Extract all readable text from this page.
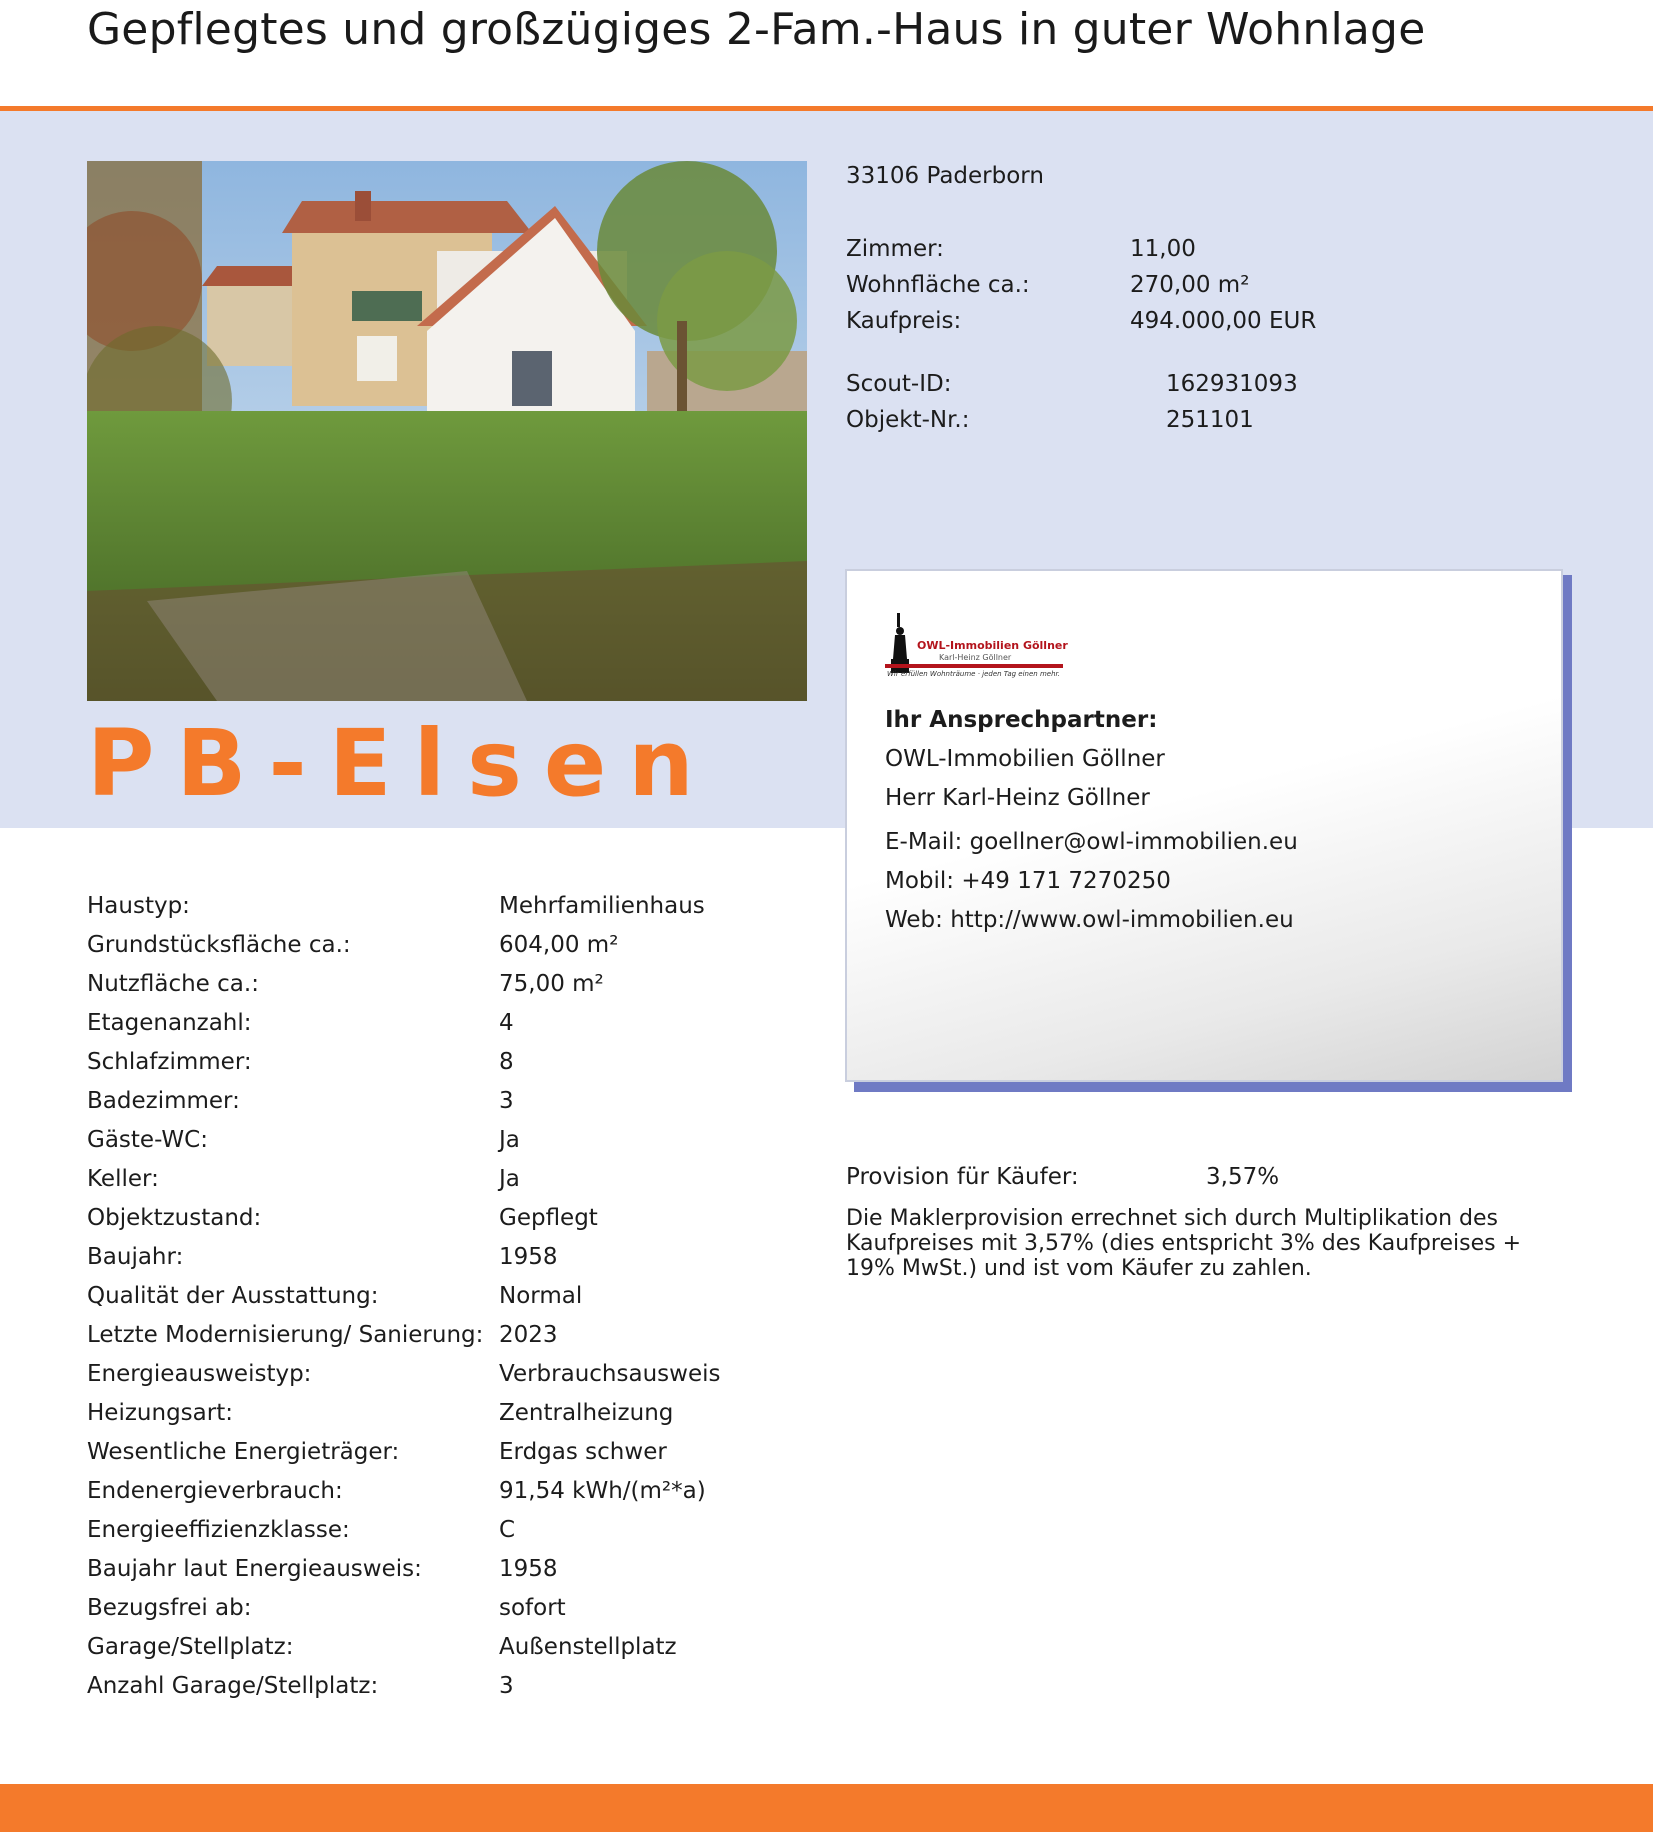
Gepflegtes und großzügiges 2-Fam.-Haus in guter Wohnlage
PB-Elsen
33106 Paderborn
Zimmer:	11,00
Wohnfläche ca.:	270,00 m²
Kaufpreis:	494.000,00 EUR
Scout-ID:	162931093
Objekt-Nr.:	251101
OWL-Immobilien Göllner
Karl-Heinz Göllner
Wir erfüllen Wohnträume · jeden Tag einen mehr.
Ihr Ansprechpartner:
OWL-Immobilien Göllner
Herr Karl-Heinz Göllner
E-Mail: goellner@owl-immobilien.eu
Mobil: +49 171 7270250
Web: http://www.owl-immobilien.eu
Haustyp:	Mehrfamilienhaus
Grundstücksfläche ca.:	604,00 m²
Nutzfläche ca.:	75,00 m²
Etagenanzahl:	4
Schlafzimmer:	8
Badezimmer:	3
Gäste-WC:	Ja
Keller:	Ja
Objektzustand:	Gepflegt
Baujahr:	1958
Qualität der Ausstattung:	Normal
Letzte Modernisierung/ Sanierung: 2023
Energieausweistyp:	Verbrauchsausweis
Heizungsart:	Zentralheizung
Wesentliche Energieträger:	Erdgas schwer
Endenergieverbrauch:	91,54 kWh/(m²*a)
Energieeffizienzklasse:	C
Baujahr laut Energieausweis:	1958
Bezugsfrei ab:	sofort
Garage/Stellplatz:	Außenstellplatz
Anzahl Garage/Stellplatz:	3
Provision für Käufer:	3,57%
Die Maklerprovision errechnet sich durch Multiplikation des Kaufpreises mit 3,57% (dies entspricht 3% des Kaufpreises + 19% MwSt.) und ist vom Käufer zu zahlen.
